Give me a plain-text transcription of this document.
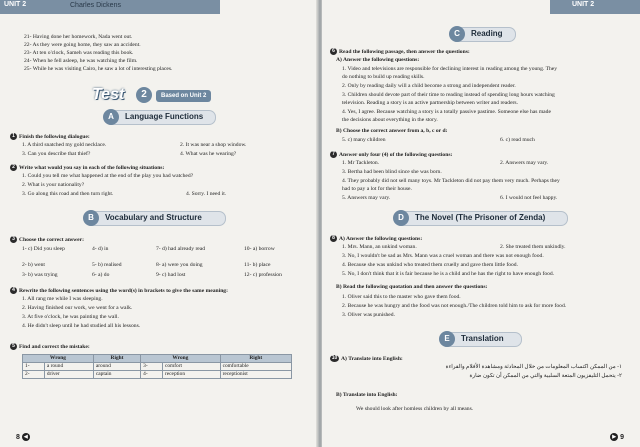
UNIT 2	Charles Dickens
21- Having done her homework, Nada went out.
22- As they were going home, they saw an accident.
23- At ten o'clock, Sameh was reading this book.
24- When he fell asleep, he was watching the film.
25- While he was visiting Cairo, he saw a lot of interesting places.
Test	2	Based on Unit 2
A	Language Functions
1 Finish the following dialogue:
1. A third snatched my gold necklace.	2. It was near a shop window.
3. Can you describe that thief?	4. What was he wearing?
2 Write what would you say in each of the following situations:
1. Could you tell me what happened at the end of the play you had watched?
2. What is your nationality?
3. Go along this road and then turn right.	4. Sorry. I need it.
B	Vocabulary and Structure
3 Choose the correct answer:
1- c) Did you sleep	4- d) in	7- d) had already read	10- a) borrow
2- b) went	5- b) realised	8- a) were you doing	11- b) place
3- b) was trying	6- a) do	9- c) had lost	12- c) profession
4 Rewrite the following sentences using the word(s) in brackets to give the same meaning:
1. All rang me while I was sleeping.
2. Having finished our work, we went for a walk.
3. At five o'clock, he was painting the wall.
4. He didn't sleep until he had studied all his lessons.
5 Find and correct the mistake:
Wrong		Right	Wrong		Right
1-	a round	around	3-	comfort	comfortable
2-	driver	captain	4-	reception	receptionist
8 ◀
UNIT 2
C	Reading
6 Read the following passage, then answer the questions:
A) Answer the following questions:
1. Video and televisions are responsible for declining interest in reading among the young. They
do nothing to build up reading skills.
2. Only by reading daily will a child become a strong and independent reader.
3. Children should devote part of their time to reading instead of spending long hours watching
television. Reading a story is an active partnership between writer and readers.
4. Yes, I agree. Because watching a story is a totally passive pastime. Someone else has made
the decisions about everything in the story.
B) Choose the correct answer from a, b, c or d:
5. c) many children	6. c) read much
7 Answer only four (4) of the following questions:
1. Mr Tackleton.	2. Answers may vary.
3. Bertha had been blind since she was born.
4. They probably did not sell many toys. Mr Tackleton did not pay them very much. Perhaps they
had to pay a lot for their house.
5. Answers may vary.	6. I would not feel happy.
D	The Novel (The Prisoner of Zenda)
8 A) Answer the following questions:
1. Mrs. Mann, an unkind woman.	2. She treated them unkindly.
3. No, I wouldn't be sad as Mrs. Mann was a cruel woman and there was not enough food.
4. Because she was unkind who treated them cruelly and gave them little food.
5. No, I don't think that it is fair because he is a child and he has the right to have enough food.
B) Read the following quotation and then answer the questions:
1. Oliver said this to the master who gave them food.
2. Because he was hungry and the food was not enough./The children told him to ask for more food.
3. Oliver was punished.
E	Translation
10 A) Translate into English:
١- من الممكن اكتساب المعلومات من خلال المحادثة ومشاهدة الأفلام والقراءة
٢- يتحمل التليفزيون المتعة السلبية والتي من الممكن أن تكون ضارة
B) Translate into English:
We should look after homless children by all means.
▶ 9
